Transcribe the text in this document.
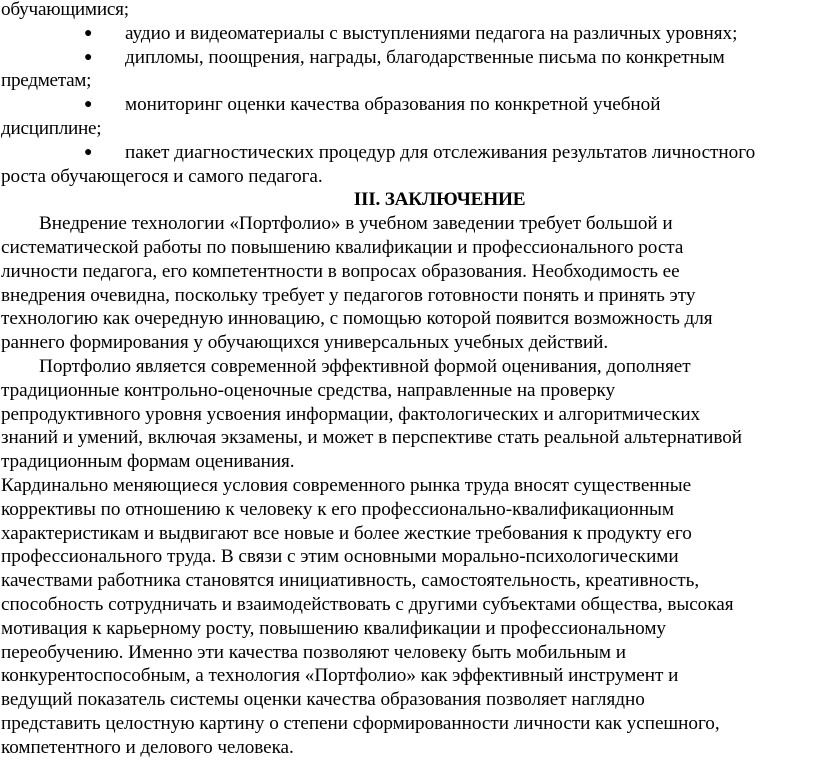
обучающимися;
● аудио и видеоматериалы с выступлениями педагога на различных уровнях;
● дипломы, поощрения, награды, благодарственные письма по конкретным
предметам;
● мониторинг оценки качества образования по конкретной учебной
дисциплине;
● пакет диагностических процедур для отслеживания результатов личностного
роста обучающегося и самого педагога.
III. ЗАКЛЮЧЕНИЕ
Внедрение технологии «Портфолио» в учебном заведении требует большой и
систематической работы по повышению квалификации и профессионального роста
личности педагога, его компетентности в вопросах образования. Необходимость ее
внедрения очевидна, поскольку требует у педагогов готовности понять и принять эту
технологию как очередную инновацию, с помощью которой появится возможность для
раннего формирования у обучающихся универсальных учебных действий.
Портфолио является современной эффективной формой оценивания, дополняет
традиционные контрольно-оценочные средства, направленные на проверку
репродуктивного уровня усвоения информации, фактологических и алгоритмических
знаний и умений, включая экзамены, и может в перспективе стать реальной альтернативой
традиционным формам оценивания.
Кардинально меняющиеся условия современного рынка труда вносят существенные
коррективы по отношению к человеку к его профессионально-квалификационным
характеристикам и выдвигают все новые и более жесткие требования к продукту его
профессионального труда. В связи с этим основными морально-психологическими
качествами работника становятся инициативность, самостоятельность, креативность,
способность сотрудничать и взаимодействовать с другими субъектами общества, высокая
мотивация к карьерному росту, повышению квалификации и профессиональному
переобучению. Именно эти качества позволяют человеку быть мобильным и
конкурентоспособным, а технология «Портфолио» как эффективный инструмент и
ведущий показатель системы оценки качества образования позволяет наглядно
представить целостную картину о степени сформированности личности как успешного,
компетентного и делового человека.
